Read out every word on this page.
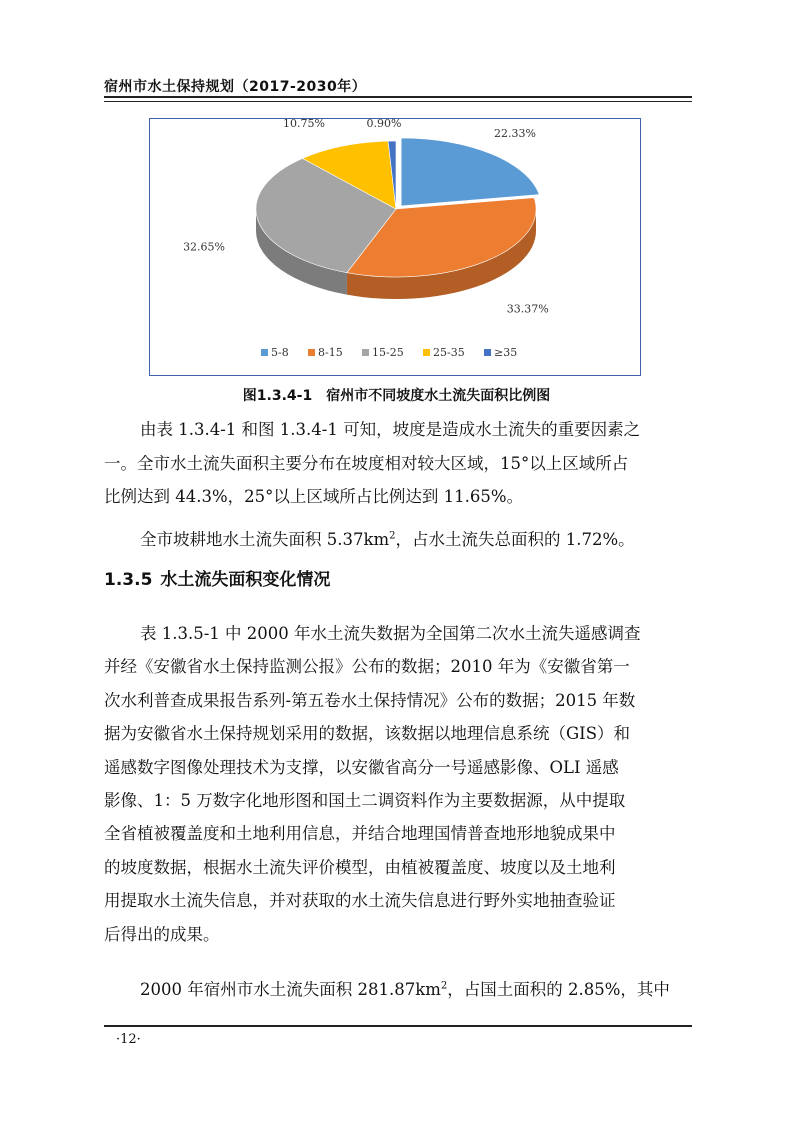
宿州市水土保持规划（2017-2030年）
22.33%
33.37%
32.65%
10.75%	0.90%
5-8	8-15	15-25	25-35	≥35
图1.3.4-1 宿州市不同坡度水土流失面积比例图

由表 1.3.4-1 和图 1.3.4-1 可知，坡度是造成水土流失的重要因素之

一。全市水土流失面积主要分布在坡度相对较大区域，15°以上区域所占

比例达到 44.3%，25°以上区域所占比例达到 11.65%。

全市坡耕地水土流失面积 $5.37km^2$，占水土流失总面积的 1.72%。

1.3.5 水土流失面积变化情况

表 1.3.5-1 中 2000 年水土流失数据为全国第二次水土流失遥感调查

并经《安徽省水土保持监测公报》公布的数据；2010 年为《安徽省第一

次水利普查成果报告系列-第五卷水土保持情况》公布的数据；2015 年数

据为安徽省水土保持规划采用的数据，该数据以地理信息系统（GIS）和

遥感数字图像处理技术为支撑，以安徽省高分一号遥感影像、OLI 遥感

影像、1：5 万数字化地形图和国土二调资料作为主要数据源，从中提取

全省植被覆盖度和土地利用信息，并结合地理国情普查地形地貌成果中

的坡度数据，根据水土流失评价模型，由植被覆盖度、坡度以及土地利

用提取水土流失信息，并对获取的水土流失信息进行野外实地抽查验证

后得出的成果。

2000 年宿州市水土流失面积 $281.87km^2$，占国土面积的 2.85%，其中

·12·
